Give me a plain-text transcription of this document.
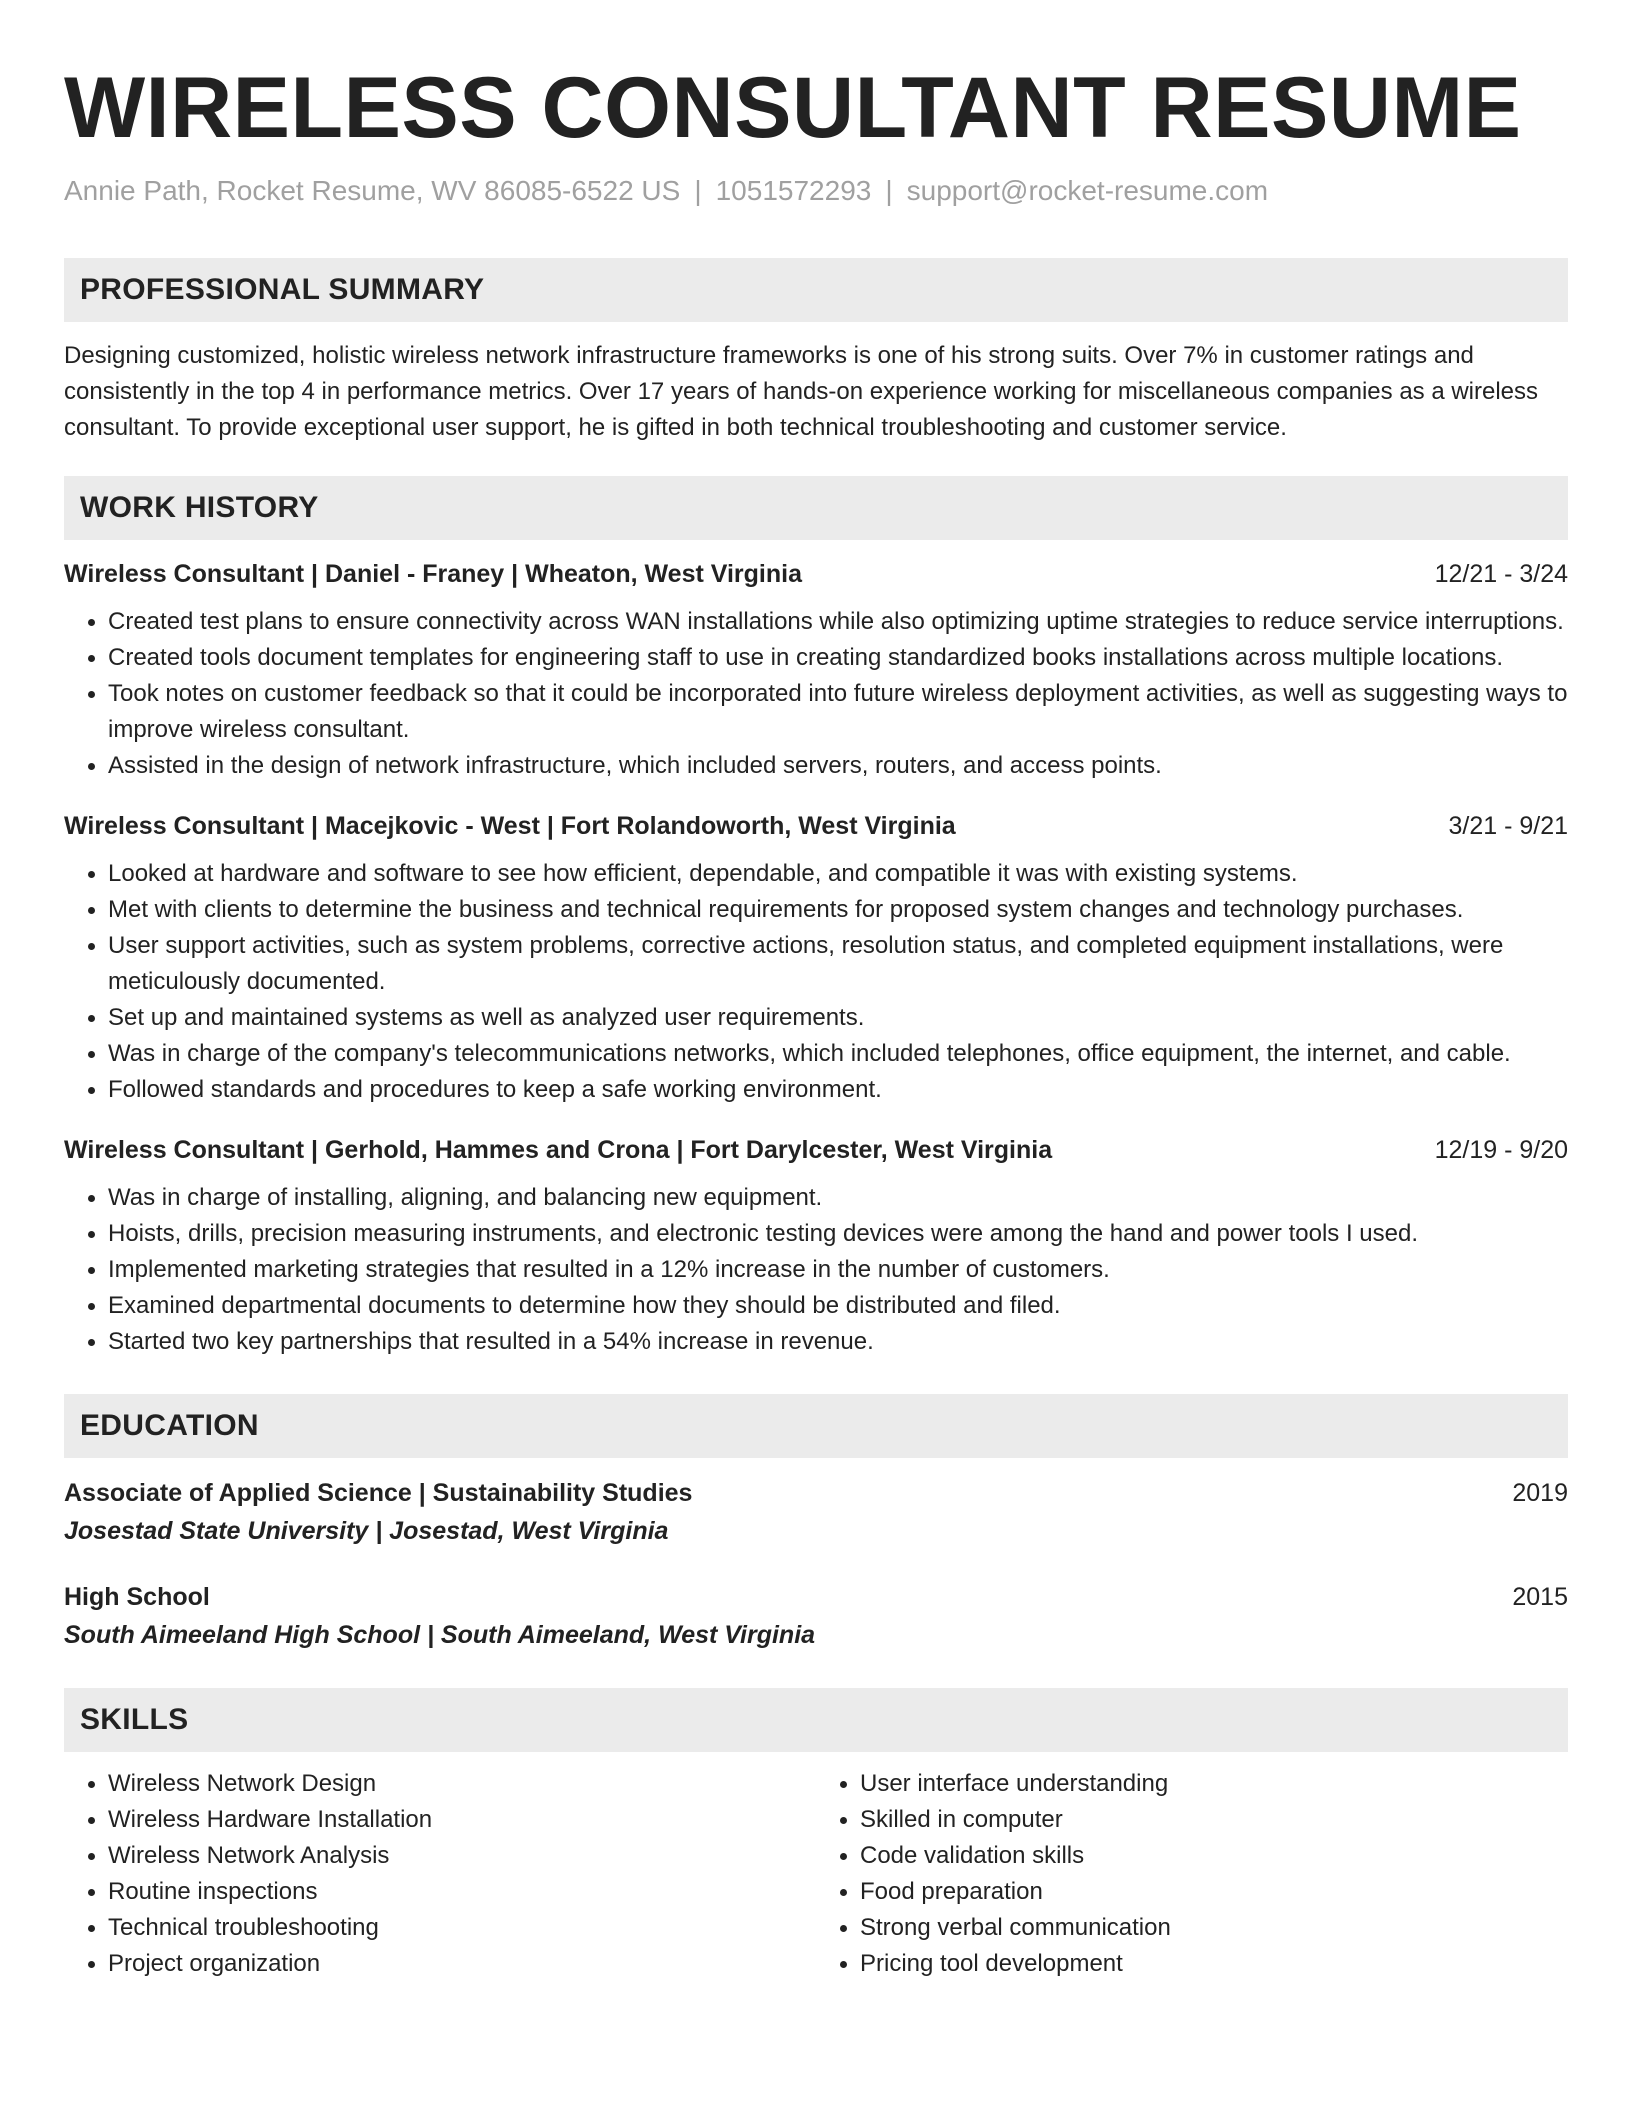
WIRELESS CONSULTANT RESUME
Annie Path, Rocket Resume, WV 86085-6522 US | 1051572293 | support@rocket-resume.com
PROFESSIONAL SUMMARY
Designing customized, holistic wireless network infrastructure frameworks is one of his strong suits. Over 7% in customer ratings and consistently in the top 4 in performance metrics. Over 17 years of hands-on experience working for miscellaneous companies as a wireless consultant. To provide exceptional user support, he is gifted in both technical troubleshooting and customer service.
WORK HISTORY
Wireless Consultant | Daniel - Franey | Wheaton, West Virginia	12/21 - 3/24
• Created test plans to ensure connectivity across WAN installations while also optimizing uptime strategies to reduce service interruptions.
• Created tools document templates for engineering staff to use in creating standardized books installations across multiple locations.
• Took notes on customer feedback so that it could be incorporated into future wireless deployment activities, as well as suggesting ways to improve wireless consultant.
• Assisted in the design of network infrastructure, which included servers, routers, and access points.
Wireless Consultant | Macejkovic - West | Fort Rolandoworth, West Virginia	3/21 - 9/21
• Looked at hardware and software to see how efficient, dependable, and compatible it was with existing systems.
• Met with clients to determine the business and technical requirements for proposed system changes and technology purchases.
• User support activities, such as system problems, corrective actions, resolution status, and completed equipment installations, were meticulously documented.
• Set up and maintained systems as well as analyzed user requirements.
• Was in charge of the company's telecommunications networks, which included telephones, office equipment, the internet, and cable.
• Followed standards and procedures to keep a safe working environment.
Wireless Consultant | Gerhold, Hammes and Crona | Fort Darylcester, West Virginia	12/19 - 9/20
• Was in charge of installing, aligning, and balancing new equipment.
• Hoists, drills, precision measuring instruments, and electronic testing devices were among the hand and power tools I used.
• Implemented marketing strategies that resulted in a 12% increase in the number of customers.
• Examined departmental documents to determine how they should be distributed and filed.
• Started two key partnerships that resulted in a 54% increase in revenue.
EDUCATION
Associate of Applied Science | Sustainability Studies	2019
Josestad State University | Josestad, West Virginia
High School	2015
South Aimeeland High School | South Aimeeland, West Virginia
SKILLS
• Wireless Network Design
• Wireless Hardware Installation
• Wireless Network Analysis
• Routine inspections
• Technical troubleshooting
• Project organization
• User interface understanding
• Skilled in computer
• Code validation skills
• Food preparation
• Strong verbal communication
• Pricing tool development
